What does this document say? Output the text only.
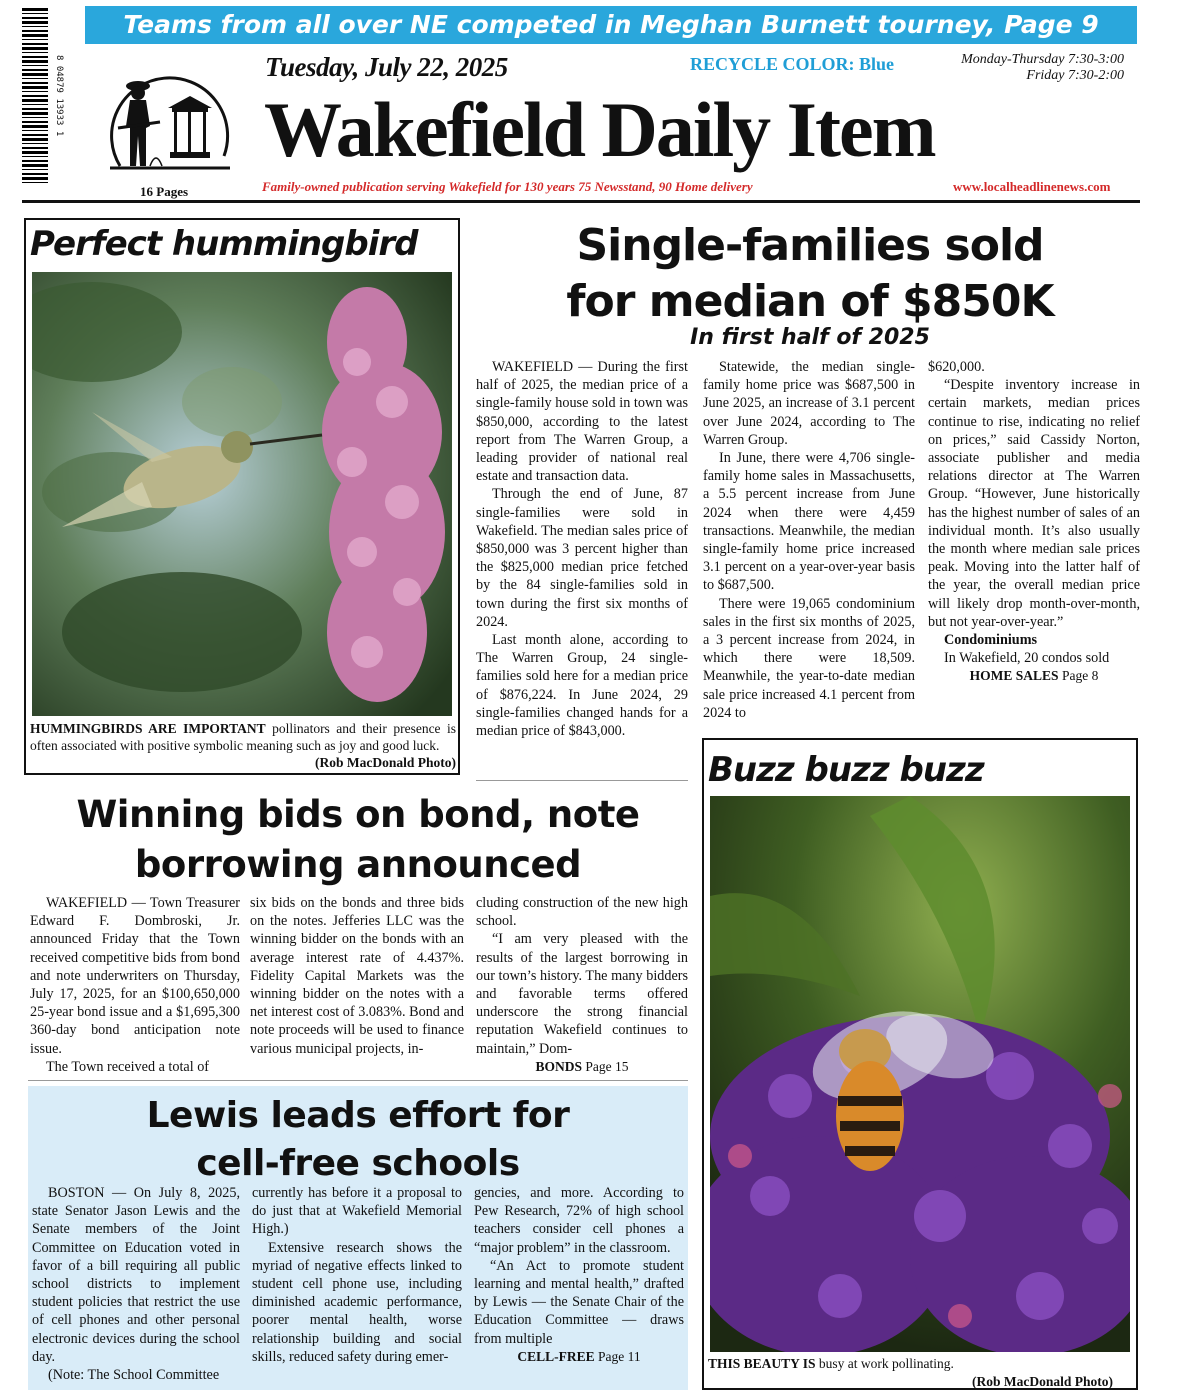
Teams from all over NE competed in Meghan Burnett tourney, Page 9
8 04879 13933 1
16 Pages
Tuesday, July 22, 2025	RECYCLE COLOR: Blue	Monday-Thursday 7:30-3:00
Friday 7:30-2:00
Wakefield Daily Item
Family-owned publication serving Wakefield for 130 years 75 Newsstand, 90 Home delivery	www.localheadlinenews.com
Perfect hummingbird
HUMMINGBIRDS ARE IMPORTANT pollinators and their presence is often associated with positive symbolic meaning such as joy and good luck.
(Rob MacDonald Photo)
Single-families sold
for median of $850K
In first half of 2025

WAKEFIELD — During the first half of 2025, the median price of a single-family house sold in town was $850,000, according to the latest report from The Warren Group, a leading provider of national real estate and transaction data.

Through the end of June, 87 single-families were sold in Wakefield. The median sales price of $850,000 was 3 percent higher than the $825,000 median price fetched by the 84 single-families sold in town during the first six months of 2024.

Last month alone, according to The Warren Group, 24 single-families sold here for a median price of $876,224. In June 2024, 29 single-families changed hands for a median price of $843,000.

Statewide, the median single-family home price was $687,500 in June 2025, an increase of 3.1 percent over June 2024, according to The Warren Group.

In June, there were 4,706 single-family home sales in Massachusetts, a 5.5 percent increase from June 2024 when there were 4,459 transactions. Meanwhile, the median single-family home price increased 3.1 percent on a year-over-year basis to $687,500.

There were 19,065 condominium sales in the first six months of 2025, a 3 percent increase from 2024, in which there were 18,509. Meanwhile, the year-to-date median sale price increased 4.1 percent from 2024 to

$620,000.

“Despite inventory increase in certain markets, median prices continue to rise, indicating no relief on prices,” said Cassidy Norton, associate publisher and media relations director at The Warren Group. “However, June historically has the highest number of sales of an individual month. It’s also usually the month where median sale prices peak. Moving into the latter half of the year, the overall median price will likely drop month-over-month, but not year-over-year.”

Condominiums

In Wakefield, 20 condos sold

HOME SALES Page 8
Buzz buzz buzz
THIS BEAUTY IS busy at work pollinating.
(Rob MacDonald Photo)
Winning bids on bond, note
borrowing announced

WAKEFIELD — Town Treasurer Edward F. Dombroski, Jr. announced Friday that the Town received competitive bids from bond and note underwriters on Thursday, July 17, 2025, for an $100,650,000 25-year bond issue and a $1,695,300 360-day bond anticipation note issue.

The Town received a total of

six bids on the bonds and three bids on the notes. Jefferies LLC was the winning bidder on the bonds with an average interest rate of 4.437%. Fidelity Capital Markets was the winning bidder on the notes with a net interest cost of 3.083%. Bond and note proceeds will be used to finance various municipal projects, in-

cluding construction of the new high school.

“I am very pleased with the results of the largest borrowing in our town’s history. The many bidders and favorable terms offered underscore the strong financial reputation Wakefield continues to maintain,” Dom-

BONDS Page 15
Lewis leads effort for
cell-free schools

BOSTON — On July 8, 2025, state Senator Jason Lewis and the Senate members of the Joint Committee on Education voted in favor of a bill requiring all public school districts to implement student policies that restrict the use of cell phones and other personal electronic devices during the school day.

(Note: The School Committee

currently has before it a proposal to do just that at Wakefield Memorial High.)

Extensive research shows the myriad of negative effects linked to student cell phone use, including diminished academic performance, poorer mental health, worse relationship building and social skills, reduced safety during emer-

gencies, and more. According to Pew Research, 72% of high school teachers consider cell phones a “major problem” in the classroom.

“An Act to promote student learning and mental health,” drafted by Lewis — the Senate Chair of the Education Committee — draws from multiple

CELL-FREE Page 11
